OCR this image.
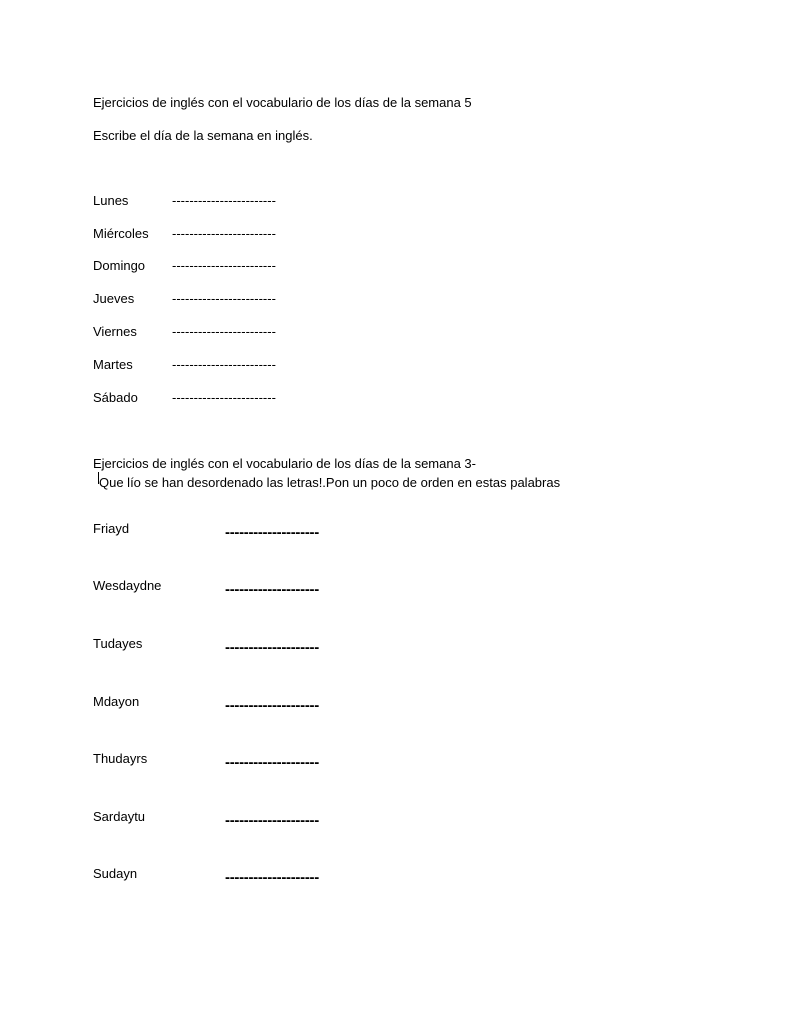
Ejercicios de inglés con el vocabulario de los días de la semana 5
Escribe el día de la semana en inglés.
Lunes	------------------------
Miércoles ------------------------
Domingo ------------------------
Jueves	------------------------
Viernes	------------------------
Martes	------------------------
Sábado	------------------------
Ejercicios de inglés con el vocabulario de los días de la semana 3-
Que lío se han desordenado las letras!.Pon un poco de orden en estas palabras
Friayd	--------------------
Wesdaydne	--------------------
Tudayes	--------------------
Mdayon	--------------------
Thudayrs	--------------------
Sardaytu	--------------------
Sudayn	--------------------
